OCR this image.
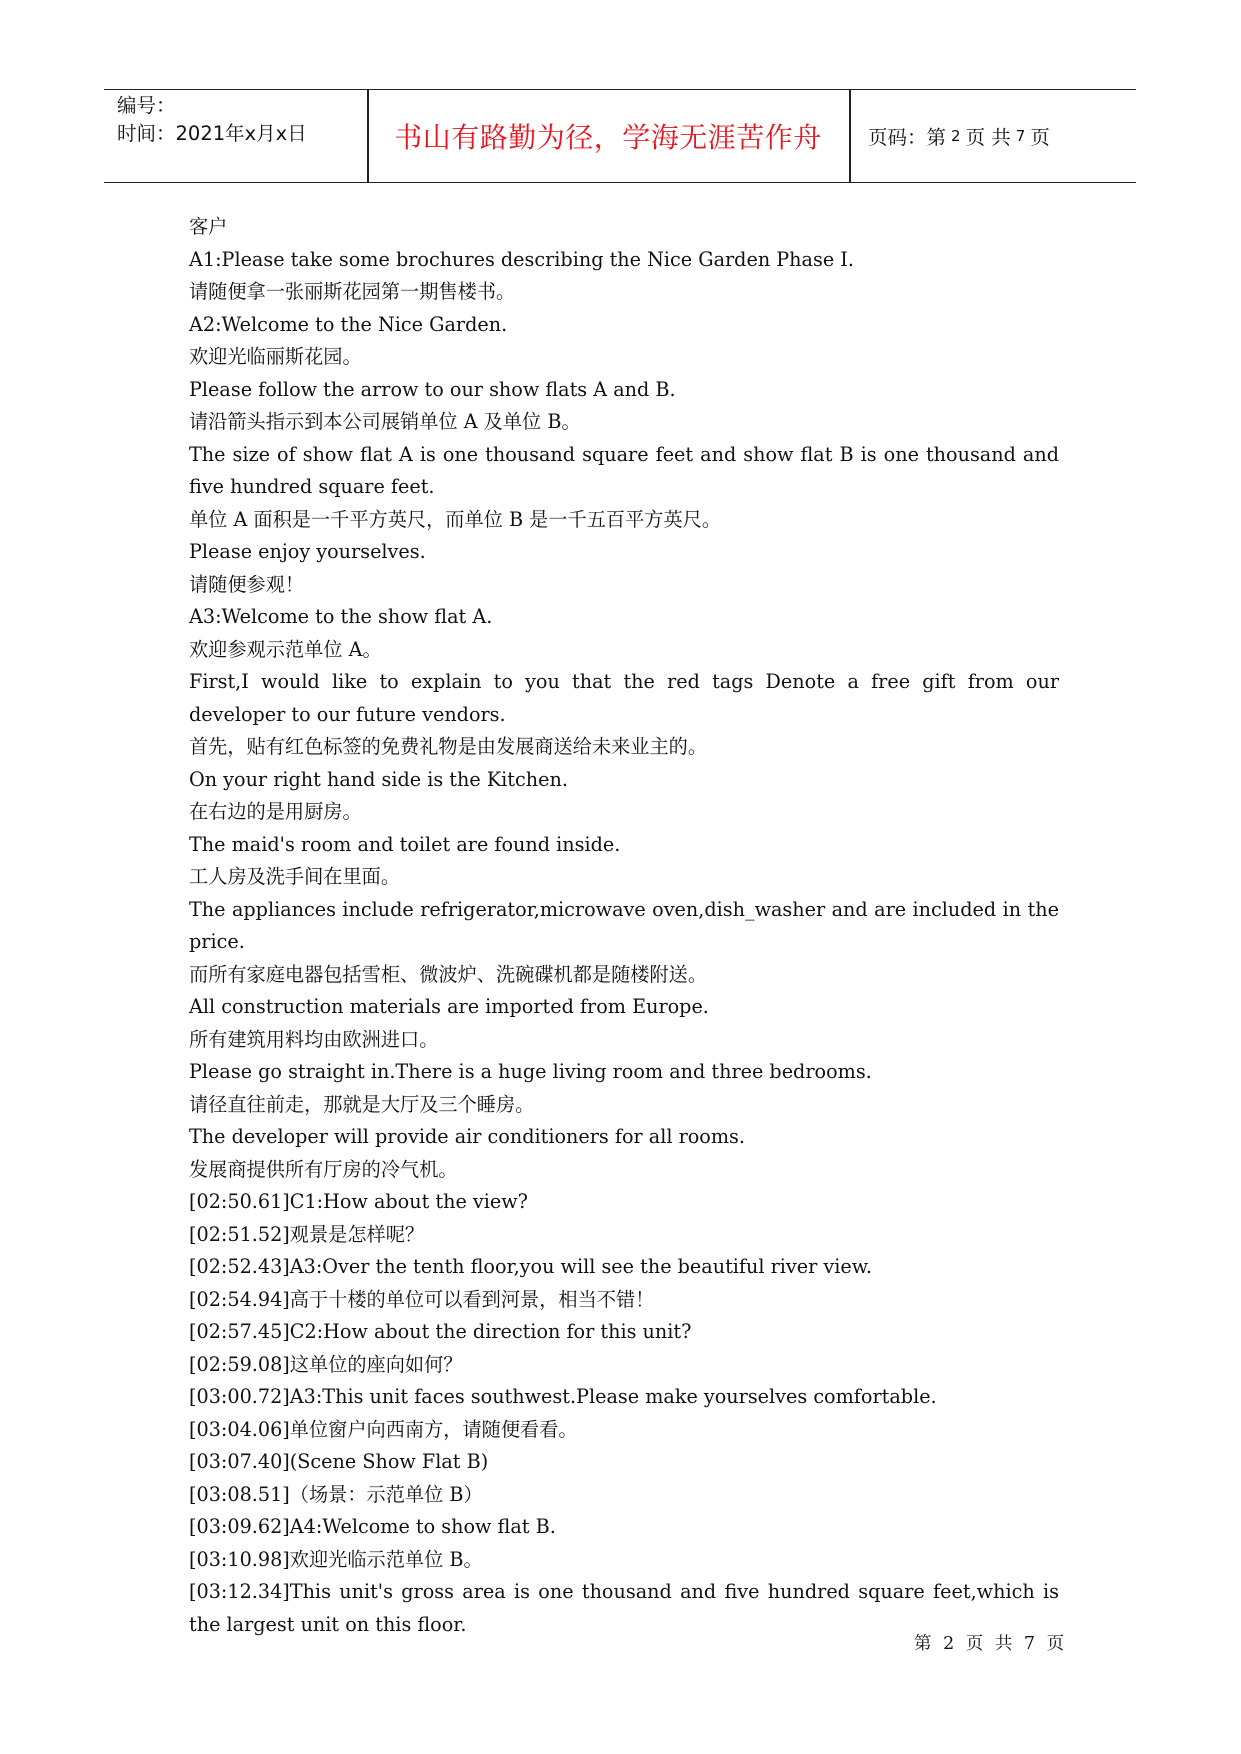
编号：
时间：2021年x月x日	书山有路勤为径，学海无涯苦作舟	页码：第 2 页 共 7 页
客户
A1:Please take some brochures describing the Nice Garden Phase I.
请随便拿一张丽斯花园第一期售楼书。
A2:Welcome to the Nice Garden.
欢迎光临丽斯花园。
Please follow the arrow to our show flats A and B.
请沿箭头指示到本公司展销单位 A 及单位 B。
The size of show flat A is one thousand square feet and show flat B is one thousand and five hundred square feet.
单位 A 面积是一千平方英尺，而单位 B 是一千五百平方英尺。
Please enjoy yourselves.
请随便参观！
A3:Welcome to the show flat A.
欢迎参观示范单位 A。
First,I would like to explain to you that the red tags Denote a free gift from our developer to our future vendors.
首先，贴有红色标签的免费礼物是由发展商送给未来业主的。
On your right hand side is the Kitchen.
在右边的是用厨房。
The maid's room and toilet are found inside.
工人房及洗手间在里面。
The appliances include refrigerator,microwave oven,dish_washer and are included in the price.
而所有家庭电器包括雪柜、微波炉、洗碗碟机都是随楼附送。
All construction materials are imported from Europe.
所有建筑用料均由欧洲进口。
Please go straight in.There is a huge living room and three bedrooms.
请径直往前走，那就是大厅及三个睡房。
The developer will provide air conditioners for all rooms.
发展商提供所有厅房的冷气机。
[02:50.61]C1:How about the view?
[02:51.52]观景是怎样呢？
[02:52.43]A3:Over the tenth floor,you will see the beautiful river view.
[02:54.94]高于十楼的单位可以看到河景，相当不错！
[02:57.45]C2:How about the direction for this unit?
[02:59.08]这单位的座向如何？
[03:00.72]A3:This unit faces southwest.Please make yourselves comfortable.
[03:04.06]单位窗户向西南方，请随便看看。
[03:07.40](Scene Show Flat B)
[03:08.51]（场景：示范单位 B）
[03:09.62]A4:Welcome to show flat B.
[03:10.98]欢迎光临示范单位 B。
[03:12.34]This unit's gross area is one thousand and five hundred square feet,which is the largest unit on this floor.
第 2 页 共 7 页
